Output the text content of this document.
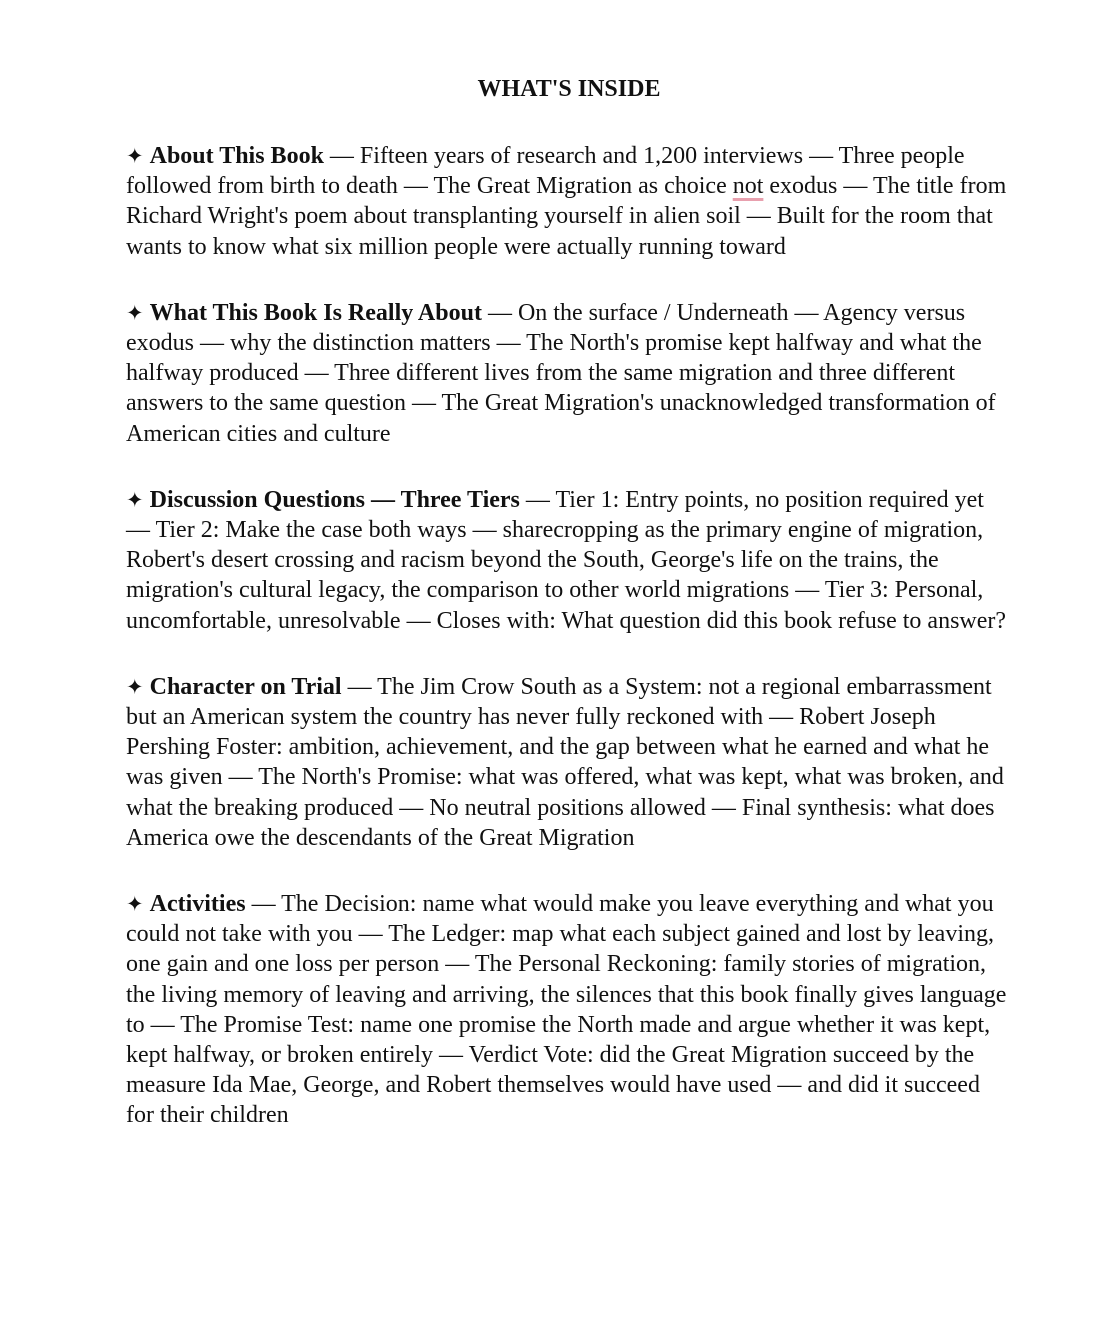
WHAT'S INSIDE

✦ About This Book — Fifteen years of research and 1,200 interviews — Three people followed from birth to death — The Great Migration as choice not exodus — The title from Richard Wright's poem about transplanting yourself in alien soil — Built for the room that wants to know what six million people were actually running toward

✦ What This Book Is Really About — On the surface / Underneath — Agency versus exodus — why the distinction matters — The North's promise kept halfway and what the halfway produced — Three different lives from the same migration and three different answers to the same question — The Great Migration's unacknowledged transformation of American cities and culture

✦ Discussion Questions — Three Tiers — Tier 1: Entry points, no position required yet — Tier 2: Make the case both ways — sharecropping as the primary engine of migration, Robert's desert crossing and racism beyond the South, George's life on the trains, the migration's cultural legacy, the comparison to other world migrations — Tier 3: Personal, uncomfortable, unresolvable — Closes with: What question did this book refuse to answer?

✦ Character on Trial — The Jim Crow South as a System: not a regional embarrassment but an American system the country has never fully reckoned with — Robert Joseph Pershing Foster: ambition, achievement, and the gap between what he earned and what he was given — The North's Promise: what was offered, what was kept, what was broken, and what the breaking produced — No neutral positions allowed — Final synthesis: what does America owe the descendants of the Great Migration

✦ Activities — The Decision: name what would make you leave everything and what you could not take with you — The Ledger: map what each subject gained and lost by leaving, one gain and one loss per person — The Personal Reckoning: family stories of migration, the living memory of leaving and arriving, the silences that this book finally gives language to — The Promise Test: name one promise the North made and argue whether it was kept, kept halfway, or broken entirely — Verdict Vote: did the Great Migration succeed by the measure Ida Mae, George, and Robert themselves would have used — and did it succeed for their children
